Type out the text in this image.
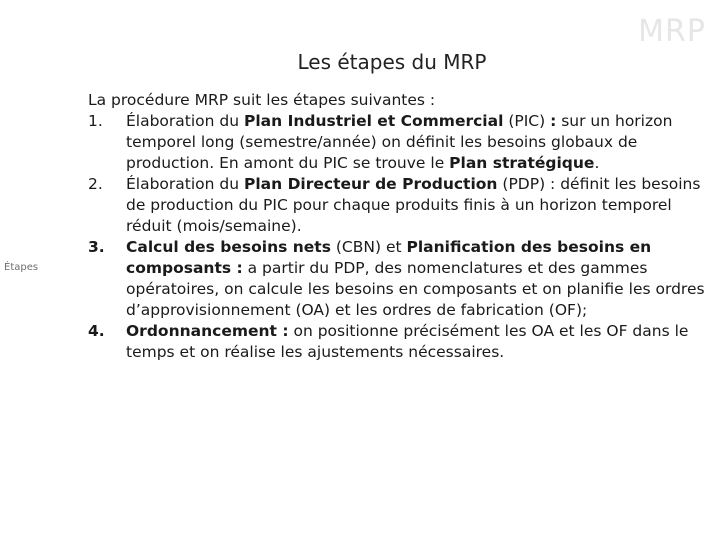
MRP
Les étapes du MRP
Étapes

La procédure MRP suit les étapes suivantes :

1. Élaboration du Plan Industriel et Commercial (PIC) : sur un horizon temporel long (semestre/année) on définit les besoins globaux de production. En amont du PIC se trouve le Plan stratégique.
2. Élaboration du Plan Directeur de Production (PDP) : définit les besoins de production du PIC pour chaque produits finis à un horizon temporel réduit (mois/semaine).
3. Calcul des besoins nets (CBN) et Planification des besoins en composants : a partir du PDP, des nomenclatures et des gammes opératoires, on calcule les besoins en composants et on planifie les ordres d’approvisionnement (OA) et les ordres de fabrication (OF);
4. Ordonnancement : on positionne précisément les OA et les OF dans le temps et on réalise les ajustements nécessaires.
